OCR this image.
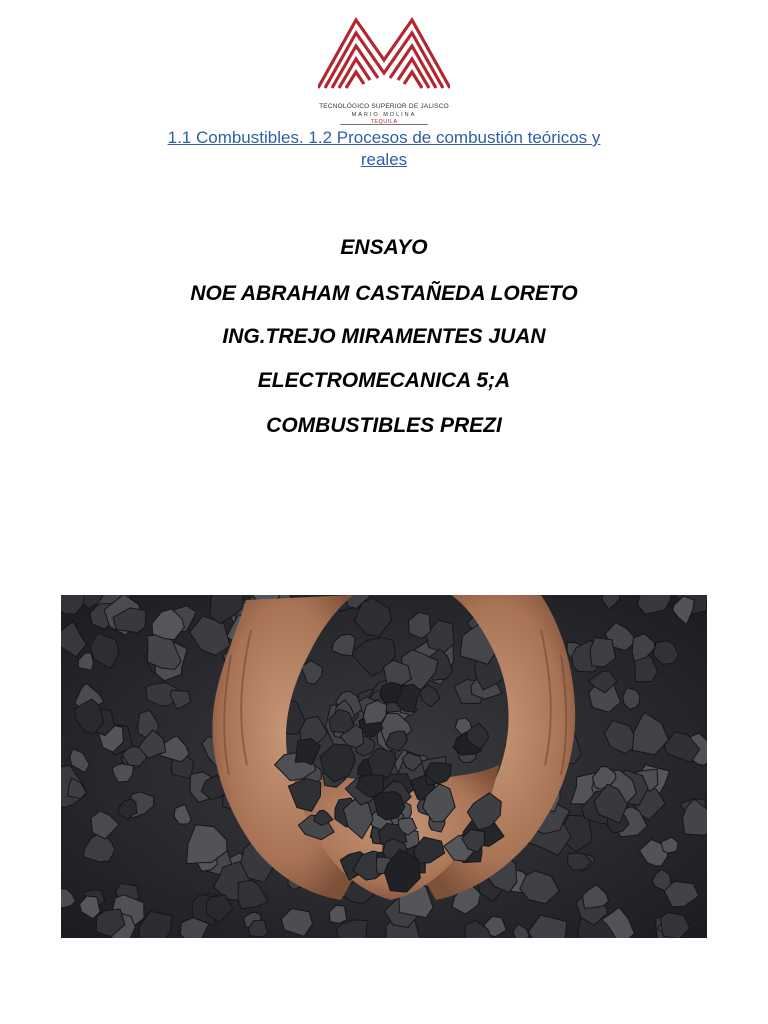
TECNOLÓGICO SUPERIOR DE JALISCO
MARIO MOLINA
TEQUILA
1.1 Combustibles. 1.2 Procesos de combustión teóricos y
reales
ENSAYO
NOE ABRAHAM CASTAÑEDA LORETO
ING.TREJO MIRAMENTES JUAN
ELECTROMECANICA 5;A
COMBUSTIBLES PREZI
